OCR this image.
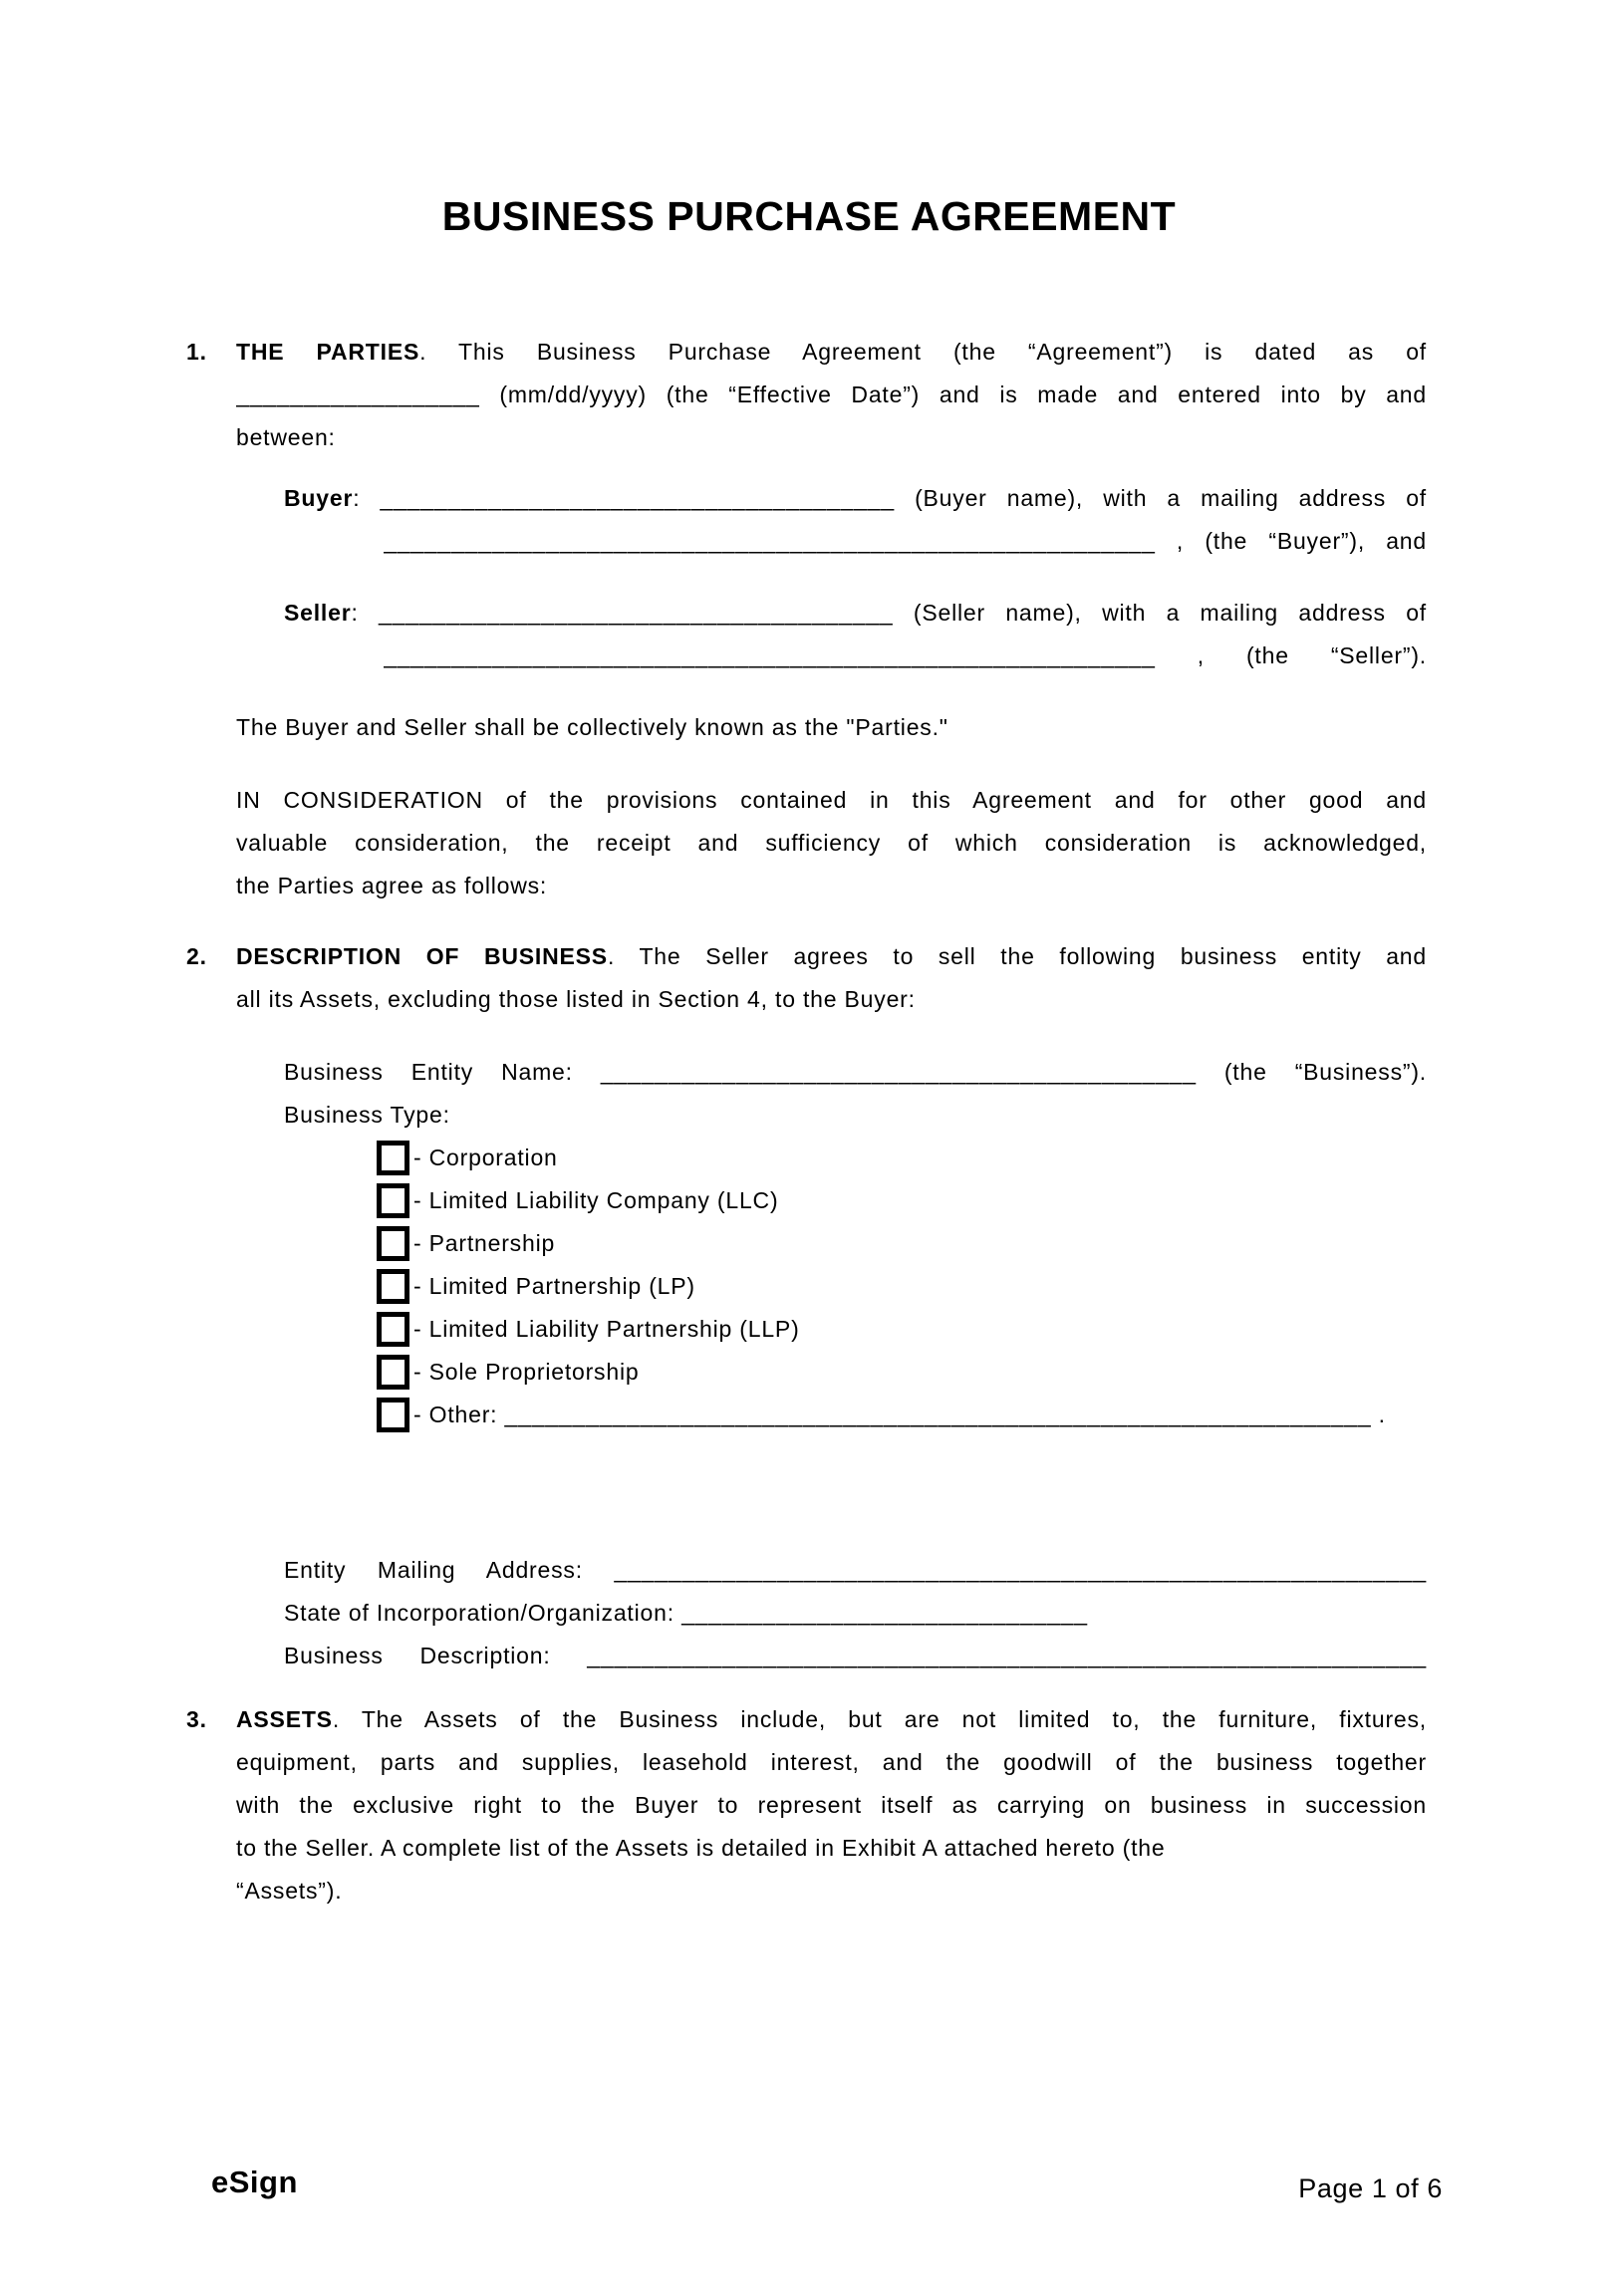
BUSINESS PURCHASE AGREEMENT
1.	THE PARTIES. This Business Purchase Agreement (the “Agreement”) is dated as of
__________________ (mm/dd/yyyy) (the “Effective Date”) and is made and entered into by and
between:
Buyer: ______________________________________ (Buyer name), with a mailing address of
_________________________________________________________ , (the “Buyer”), and
Seller: ______________________________________ (Seller name), with a mailing address of
_________________________________________________________ , (the “Seller”).
The Buyer and Seller shall be collectively known as the "Parties."
IN CONSIDERATION of the provisions contained in this Agreement and for other good and
valuable consideration, the receipt and sufficiency of which consideration is acknowledged,
the Parties agree as follows:
2.	DESCRIPTION OF BUSINESS. The Seller agrees to sell the following business entity and
all its Assets, excluding those listed in Section 4, to the Buyer:
Business Entity Name: ____________________________________________ (the “Business”).
Business Type:
- Corporation
- Limited Liability Company (LLC)
- Partnership
- Limited Partnership (LP)
- Limited Liability Partnership (LLP)
- Sole Proprietorship
- Other: ________________________________________________________________ .
Entity Mailing Address: ____________________________________________________________
State of Incorporation/Organization: ______________________________
Business Description: ______________________________________________________________
3.	ASSETS. The Assets of the Business include, but are not limited to, the furniture, fixtures,
equipment, parts and supplies, leasehold interest, and the goodwill of the business together
with the exclusive right to the Buyer to represent itself as carrying on business in succession
to the Seller. A complete list of the Assets is detailed in Exhibit A attached hereto (the
“Assets”).
eSign	Page 1 of 6
